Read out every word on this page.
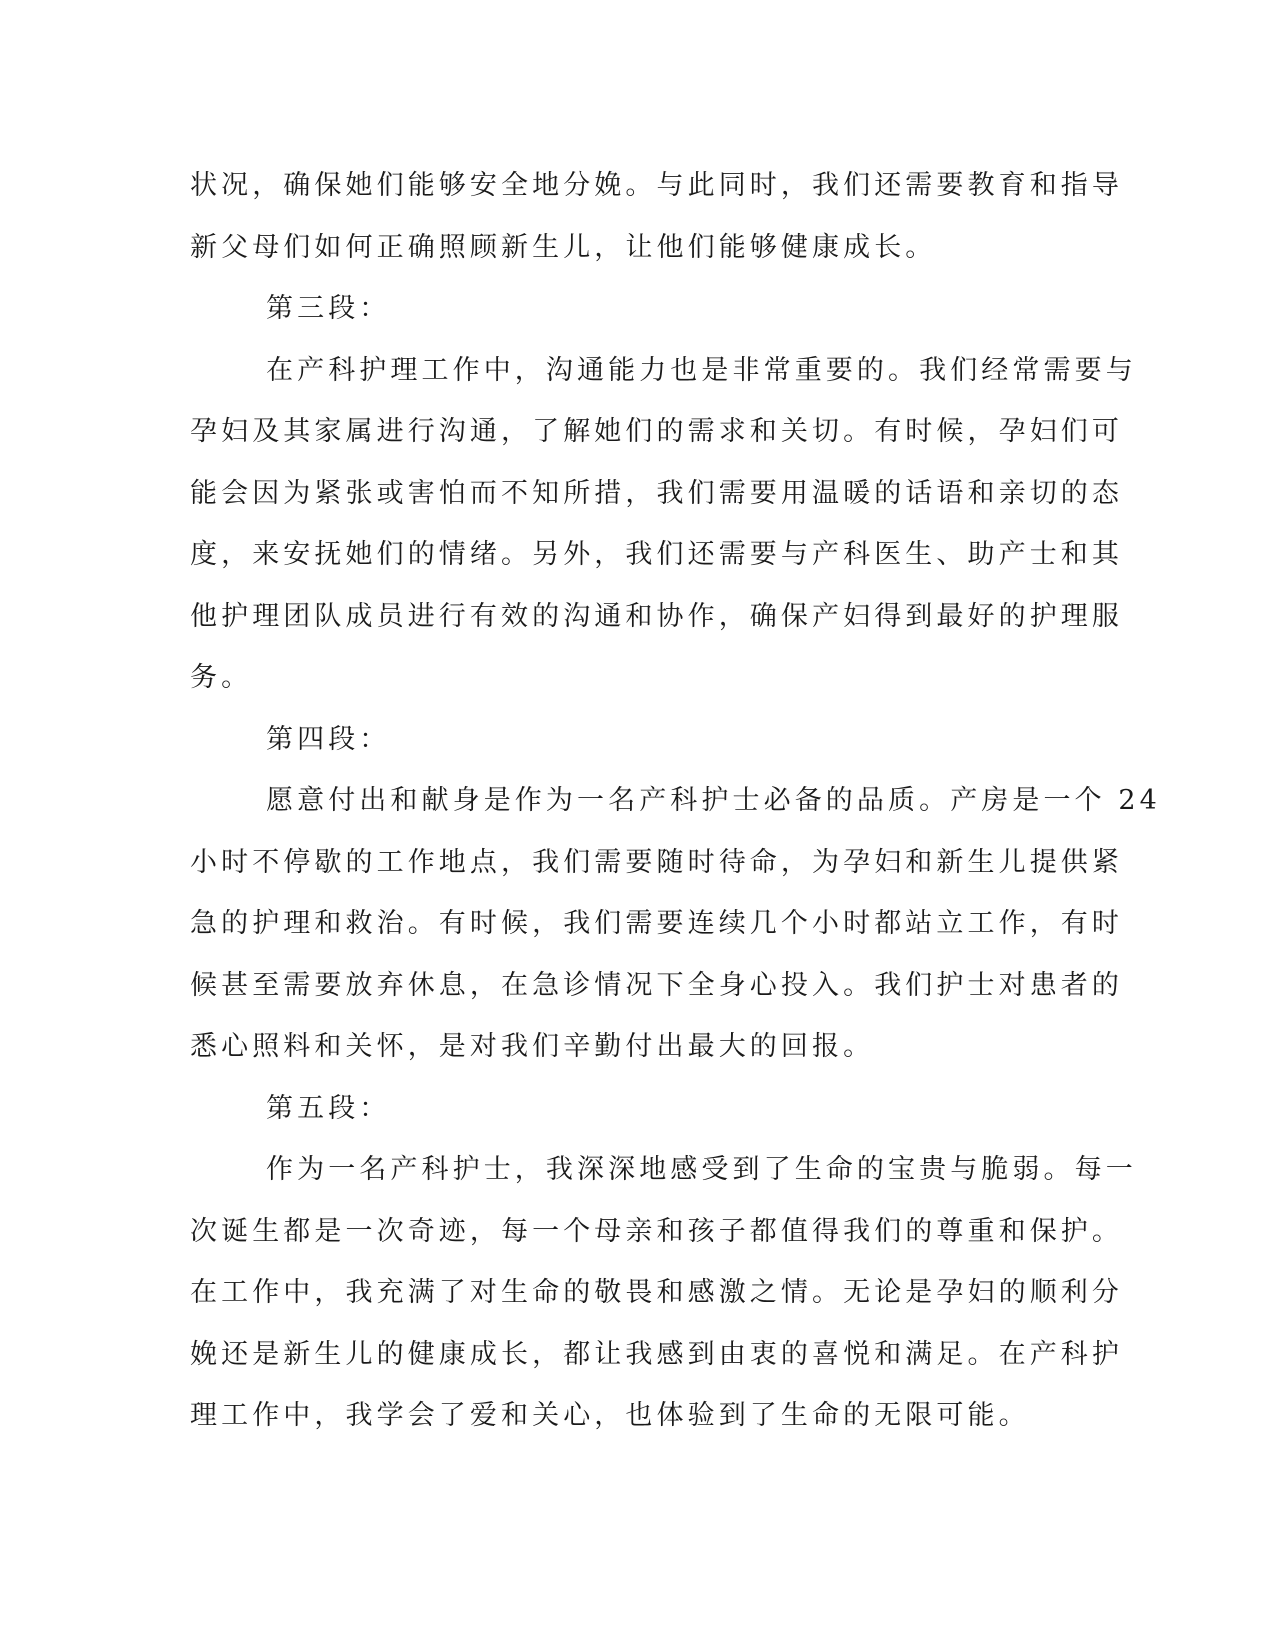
状况，确保她们能够安全地分娩。与此同时，我们还需要教育和指导
新父母们如何正确照顾新生儿，让他们能够健康成长。
第三段：
在产科护理工作中，沟通能力也是非常重要的。我们经常需要与
孕妇及其家属进行沟通，了解她们的需求和关切。有时候，孕妇们可
能会因为紧张或害怕而不知所措，我们需要用温暖的话语和亲切的态
度，来安抚她们的情绪。另外，我们还需要与产科医生、助产士和其
他护理团队成员进行有效的沟通和协作，确保产妇得到最好的护理服
务。
第四段：
愿意付出和献身是作为一名产科护士必备的品质。产房是一个 24
小时不停歇的工作地点，我们需要随时待命，为孕妇和新生儿提供紧
急的护理和救治。有时候，我们需要连续几个小时都站立工作，有时
候甚至需要放弃休息，在急诊情况下全身心投入。我们护士对患者的
悉心照料和关怀，是对我们辛勤付出最大的回报。
第五段：
作为一名产科护士，我深深地感受到了生命的宝贵与脆弱。每一
次诞生都是一次奇迹，每一个母亲和孩子都值得我们的尊重和保护。
在工作中，我充满了对生命的敬畏和感激之情。无论是孕妇的顺利分
娩还是新生儿的健康成长，都让我感到由衷的喜悦和满足。在产科护
理工作中，我学会了爱和关心，也体验到了生命的无限可能。
